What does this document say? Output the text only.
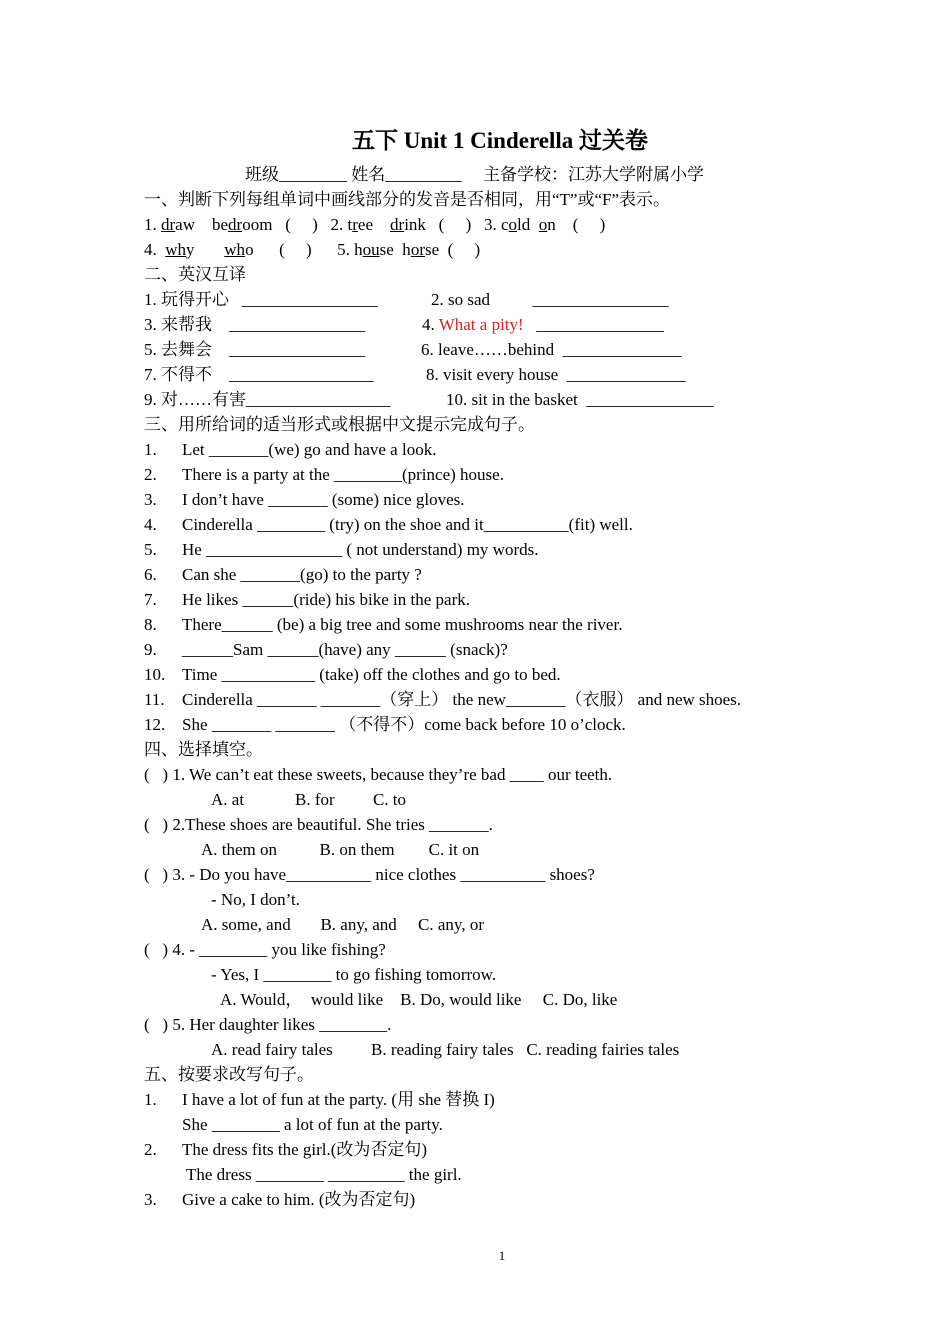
五下 Unit 1 Cinderella 过关卷
班级________ 姓名_________     主备学校：江苏大学附属小学
一、判断下列每组单词中画线部分的发音是否相同，用“T”或“F”表示。
1. draw    bedroom   (     )   2. tree    drink   (     )   3. cold  on    (     )
4.  why       who      (     )      5. house  horse  (     )
二、英汉互译
1. 玩得开心   ________________	2. so sad          ________________
3. 来帮我    ________________	4. What a pity!   _______________
5. 去舞会    ________________	6. leave……behind  ______________
7. 不得不    _________________	8. visit every house  ______________
9. 对……有害_________________	10. sit in the basket  _______________
三、用所给词的适当形式或根据中文提示完成句子。
1. Let _______(we) go and have a look.
2. There is a party at the ________(prince) house.
3. I don’t have _______ (some) nice gloves.
4. Cinderella ________ (try) on the shoe and it__________(fit) well.
5. He ________________ ( not understand) my words.
6. Can she _______(go) to the party ?
7. He likes ______(ride) his bike in the park.
8. There______ (be) a big tree and some mushrooms near the river.
9. ______Sam ______(have) any ______ (snack)?
10. Time ___________ (take) off the clothes and go to bed.
11. Cinderella _______ _______（穿上） the new_______（衣服） and new shoes.
12. She _______ _______ （不得不）come back before 10 o’clock.
四、选择填空。
(   ) 1. We can’t eat these sweets, because they’re bad ____ our teeth.
A. at            B. for         C. to
(   ) 2.These shoes are beautiful. She tries _______.
A. them on          B. on them        C. it on
(   ) 3. - Do you have__________ nice clothes __________ shoes?
- No, I don’t.
A. some, and       B. any, and     C. any, or
(   ) 4. - ________ you like fishing?
- Yes, I ________ to go fishing tomorrow.
A. Would，  would like    B. Do, would like     C. Do, like
(   ) 5. Her daughter likes ________.
A. read fairy tales         B. reading fairy tales   C. reading fairies tales
五、按要求改写句子。
1. I have a lot of fun at the party. (用 she 替换 I)
She ________ a lot of fun at the party.
2. The dress fits the girl.(改为否定句)
The dress ________ _________ the girl.
3. Give a cake to him. (改为否定句)
1
